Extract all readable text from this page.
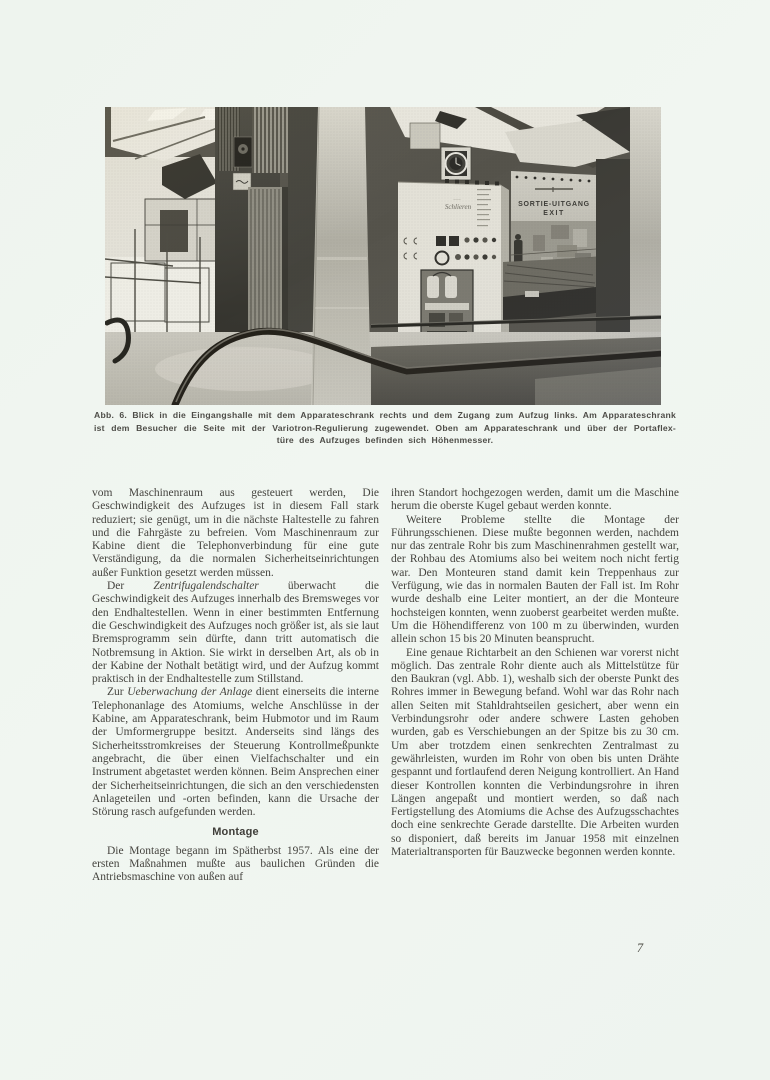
Abb. 6. Blick in die Eingangshalle mit dem Apparateschrank rechts und dem Zugang zum Aufzug links. Am Apparateschrank
ist dem Besucher die Seite mit der Variotron-Regulierung zugewendet. Oben am Apparateschrank und über der Portaflex-
türe des Aufzuges befinden sich Höhenmesser.

vom Maschinenraum aus gesteuert werden, Die Geschwindigkeit des Aufzuges ist in diesem Fall stark reduziert; sie genügt, um in die nächste Haltestelle zu fahren und die Fahrgäste zu befreien. Vom Maschinenraum zur Kabine dient die Telephonverbindung für eine gute Verständigung, da die normalen Sicherheitseinrichtungen außer Funktion gesetzt werden müssen.

Der Zentrifugalendschalter überwacht die Geschwindigkeit des Aufzuges innerhalb des Bremsweges vor den Endhaltestellen. Wenn in einer bestimmten Entfernung die Geschwindigkeit des Aufzuges noch größer ist, als sie laut Bremsprogramm sein dürfte, dann tritt automatisch die Notbremsung in Aktion. Sie wirkt in derselben Art, als ob in der Kabine der Nothalt betätigt wird, und der Aufzug kommt praktisch in der Endhaltestelle zum Stillstand.

Zur Ueberwachung der Anlage dient einerseits die interne Telephonanlage des Atomiums, welche Anschlüsse in der Kabine, am Apparateschrank, beim Hubmotor und im Raum der Umformergruppe besitzt. Anderseits sind längs des Sicherheitsstromkreises der Steuerung Kontrollmeßpunkte angebracht, die über einen Vielfachschalter und ein Instrument abgetastet werden können. Beim Ansprechen einer der Sicherheitseinrichtungen, die sich an den verschiedensten Anlageteilen und -orten befinden, kann die Ursache der Störung rasch aufgefunden werden.

Montage

Die Montage begann im Spätherbst 1957. Als eine der ersten Maßnahmen mußte aus baulichen Gründen die Antriebsmaschine von außen auf

ihren Standort hochgezogen werden, damit um die Maschine herum die oberste Kugel gebaut werden konnte.

Weitere Probleme stellte die Montage der Führungsschienen. Diese mußte begonnen werden, nachdem nur das zentrale Rohr bis zum Maschinenrahmen gestellt war, der Rohbau des Atomiums also bei weitem noch nicht fertig war. Den Monteuren stand damit kein Treppenhaus zur Verfügung, wie das in normalen Bauten der Fall ist. Im Rohr wurde deshalb eine Leiter montiert, an der die Monteure hochsteigen konnten, wenn zuoberst gearbeitet werden mußte. Um die Höhendifferenz von 100 m zu überwinden, wurden allein schon 15 bis 20 Minuten beansprucht.

Eine genaue Richtarbeit an den Schienen war vorerst nicht möglich. Das zentrale Rohr diente auch als Mittelstütze für den Baukran (vgl. Abb. 1), weshalb sich der oberste Punkt des Rohres immer in Bewegung befand. Wohl war das Rohr nach allen Seiten mit Stahldrahtseilen gesichert, aber wenn ein Verbindungsrohr oder andere schwere Lasten gehoben wurden, gab es Verschiebungen an der Spitze bis zu 30 cm. Um aber trotzdem einen senkrechten Zentralmast zu gewährleisten, wurden im Rohr von oben bis unten Drähte gespannt und fortlaufend deren Neigung kontrolliert. An Hand dieser Kontrollen konnten die Verbindungsrohre in ihren Längen angepaßt und montiert werden, so daß nach Fertigstellung des Atomiums die Achse des Aufzugsschachtes doch eine senkrechte Gerade darstellte. Die Arbeiten wurden so disponiert, daß bereits im Januar 1958 mit einzelnen Materialtransporten für Bauzwecke begonnen werden konnte.

7
